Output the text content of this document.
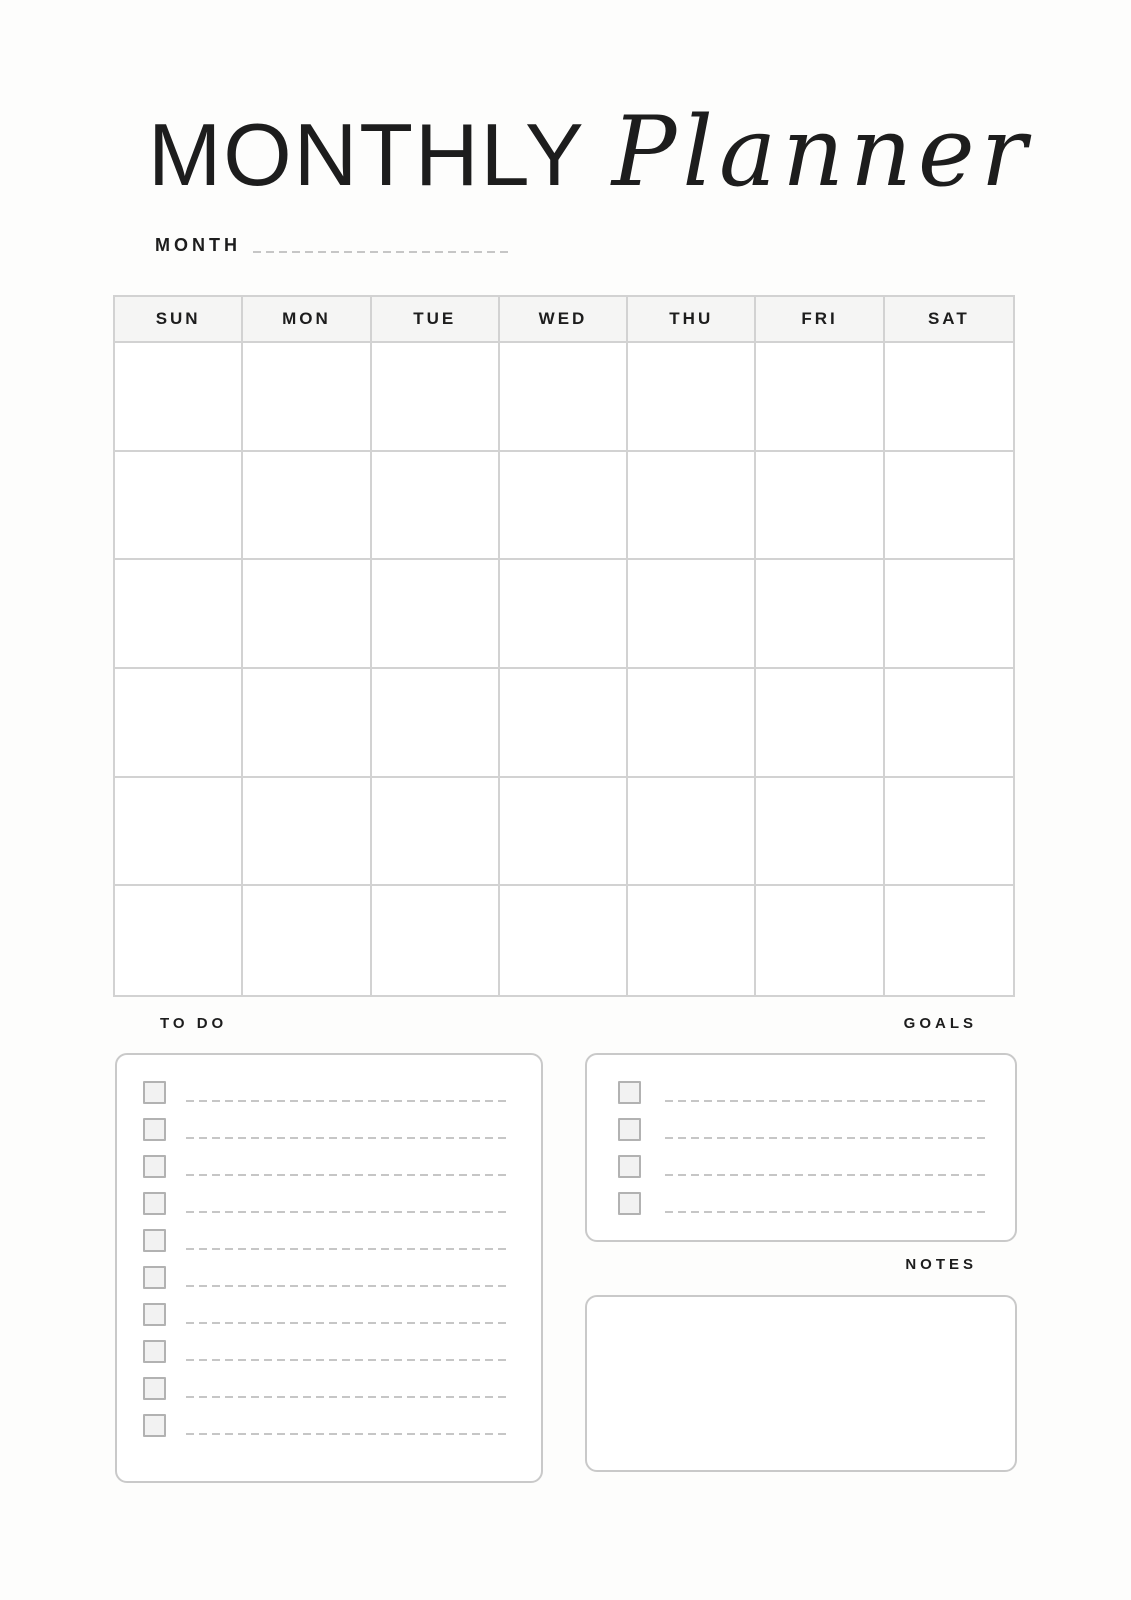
MONTHLY Planner
MONTH
SUN	MON	TUE	WED	THU	FRI	SAT
TO DO	GOALS
NOTES
